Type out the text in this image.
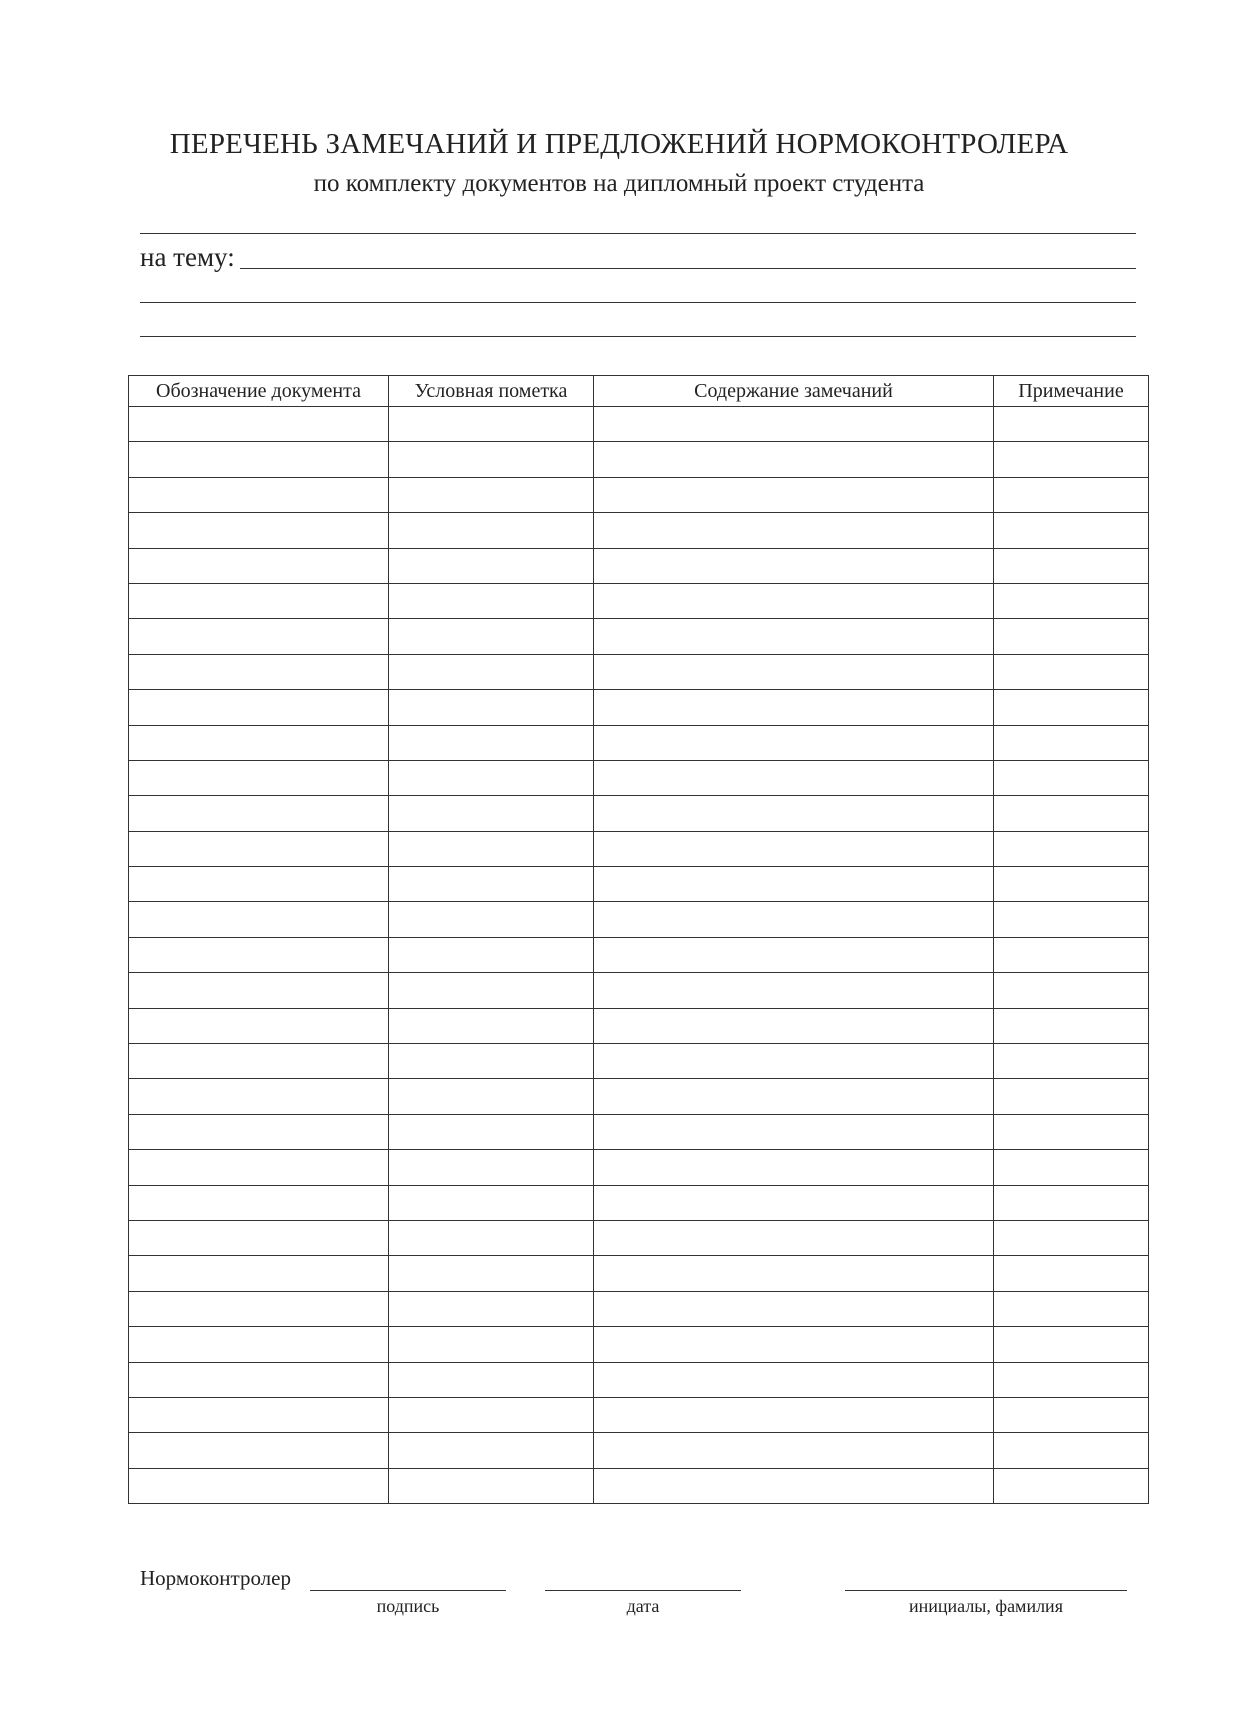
ПЕРЕЧЕНЬ ЗАМЕЧАНИЙ И ПРЕДЛОЖЕНИЙ НОРМОКОНТРОЛЕРА
по комплекту документов на дипломный проект студента
на тему:
Обозначение документа	Условная пометка	Содержание замечаний	Примечание

Нормоконтролер
подпись	дата	инициалы, фамилия
